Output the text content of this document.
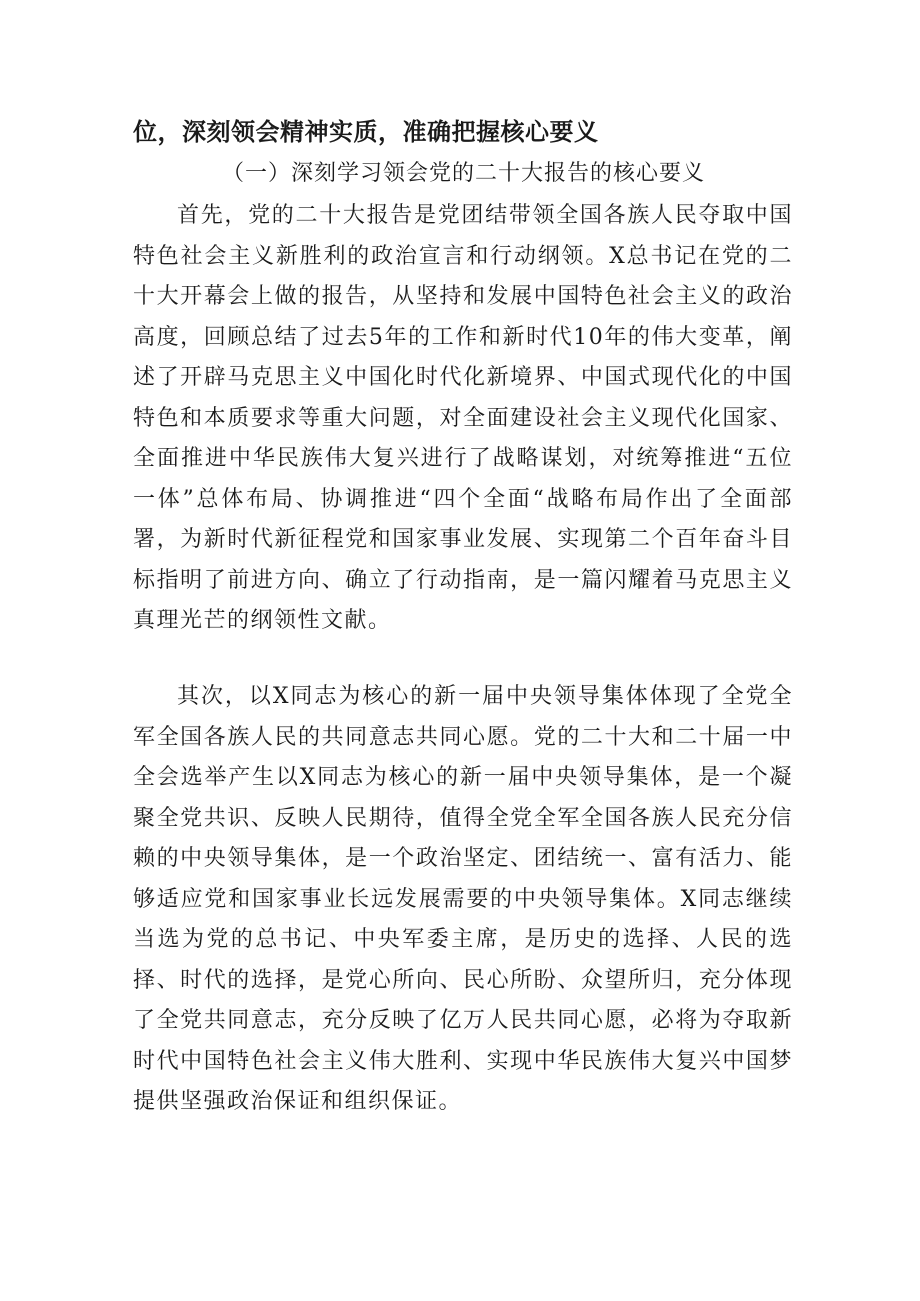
位，深刻领会精神实质，准确把握核心要义
（一）深刻学习领会党的二十大报告的核心要义

首先，党的二十大报告是党团结带领全国各族人民夺取中国特色社会主义新胜利的政治宣言和行动纲领。X总书记在党的二十大开幕会上做的报告，从坚持和发展中国特色社会主义的政治高度，回顾总结了过去5年的工作和新时代10年的伟大变革，阐述了开辟马克思主义中国化时代化新境界、中国式现代化的中国特色和本质要求等重大问题，对全面建设社会主义现代化国家、全面推进中华民族伟大复兴进行了战略谋划，对统筹推进“五位一体”总体布局、协调推进“四个全面“战略布局作出了全面部署，为新时代新征程党和国家事业发展、实现第二个百年奋斗目标指明了前进方向、确立了行动指南，是一篇闪耀着马克思主义真理光芒的纲领性文献。

其次，以X同志为核心的新一届中央领导集体体现了全党全军全国各族人民的共同意志共同心愿。党的二十大和二十届一中全会选举产生以X同志为核心的新一届中央领导集体，是一个凝聚全党共识、反映人民期待，值得全党全军全国各族人民充分信赖的中央领导集体，是一个政治坚定、团结统一、富有活力、能够适应党和国家事业长远发展需要的中央领导集体。X同志继续当选为党的总书记、中央军委主席，是历史的选择、人民的选择、时代的选择，是党心所向、民心所盼、众望所归，充分体现了全党共同意志，充分反映了亿万人民共同心愿，必将为夺取新时代中国特色社会主义伟大胜利、实现中华民族伟大复兴中国梦提供坚强政治保证和组织保证。
